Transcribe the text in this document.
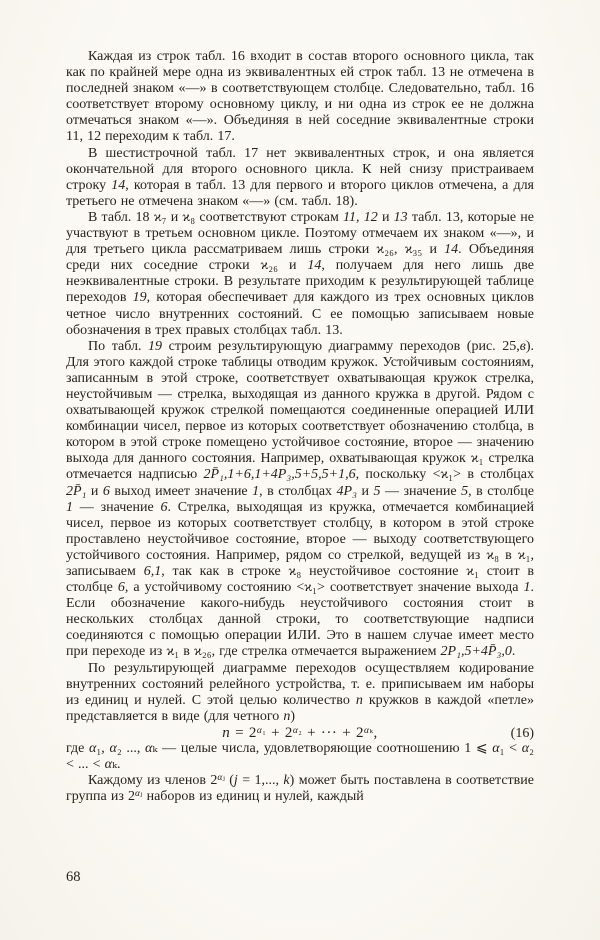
Каждая из строк табл. 16 входит в состав второго основного цикла, так как по крайней мере одна из эквивалентных ей строк табл. 13 не отмечена в последней знаком «—» в соответствующем столбце. Следовательно, табл. 16 соответствует второму основному циклу, и ни одна из строк ее не должна отмечаться знаком «—». Объединяя в ней соседние эквивалентные строки 11, 12 переходим к табл. 17.

В шестистрочной табл. 17 нет эквивалентных строк, и она является окончательной для второго основного цикла. К ней снизу пристраиваем строку 14, которая в табл. 13 для первого и второго циклов отмечена, а для третьего не отмечена знаком «—» (см. табл. 18).

В табл. 18 ϰ₇ и ϰ₈ соответствуют строкам 11, 12 и 13 табл. 13, которые не участвуют в третьем основном цикле. Поэтому отмечаем их знаком «—», и для третьего цикла рассматриваем лишь строки ϰ₂₆, ϰ₃₅ и 14. Объединяя среди них соседние строки ϰ₂₆ и 14, получаем для него лишь две неэквивалентные строки. В результате приходим к результирующей таблице переходов 19, которая обеспечивает для каждого из трех основных циклов четное число внутренних состояний. С ее помощью записываем новые обозначения в трех правых столбцах табл. 13.

По табл. 19 строим результирующую диаграмму переходов (рис. 25,в). Для этого каждой строке таблицы отводим кружок. Устойчивым состояниям, записанным в этой строке, соответствует охватывающая кружок стрелка, неустойчивым — стрелка, выходящая из данного кружка в другой. Рядом с охватывающей кружок стрелкой помещаются соединенные операцией ИЛИ комбинации чисел, первое из которых соответствует обозначению столбца, в котором в этой строке помещено устойчивое состояние, второе — значению выхода для данного состояния. Например, охватывающая кружок ϰ₁ стрелка отмечается надписью 2P̄₁,1+6,1+4P₃,5+5,5+1,6, поскольку <ϰ₁> в столбцах 2P̄₁ и 6 выход имеет значение 1, в столбцах 4P₃ и 5 — значение 5, в столбце 1 — значение 6. Стрелка, выходящая из кружка, отмечается комбинацией чисел, первое из которых соответствует столбцу, в котором в этой строке проставлено неустойчивое состояние, второе — выходу соответствующего устойчивого состояния. Например, рядом со стрелкой, ведущей из ϰ₈ в ϰ₁, записываем 6,1, так как в строке ϰ₈ неустойчивое состояние ϰ₁ стоит в столбце 6, а устойчивому состоянию <ϰ₁> соответствует значение выхода 1. Если обозначение какого-нибудь неустойчивого состояния стоит в нескольких столбцах данной строки, то соответствующие надписи соединяются с помощью операции ИЛИ. Это в нашем случае имеет место при переходе из ϰ₁ в ϰ₂₆, где стрелка отмечается выражением 2P₁,5+4P̄₃,0.

По результирующей диаграмме переходов осуществляем кодирование внутренних состояний релейного устройства, т. е. приписываем им наборы из единиц и нулей. С этой целью количество n кружков в каждой «петле» представляется в виде (для четного n)

$n = 2^{\alpha_1} + 2^{\alpha_2}$ + ··· + $2^{\alpha_k}$,	(16)

где α₁, α₂ ..., αₖ — целые числа, удовлетворяющие соотношению 1 ⩽ α₁ < α₂ < ... < αₖ.

Каждому из членов $2^{\alpha ⱼ}$ (j = 1,..., k) может быть поставлена в соответствие группа из $2^{\alpha ⱼ}$ наборов из единиц и нулей, каждый

68
